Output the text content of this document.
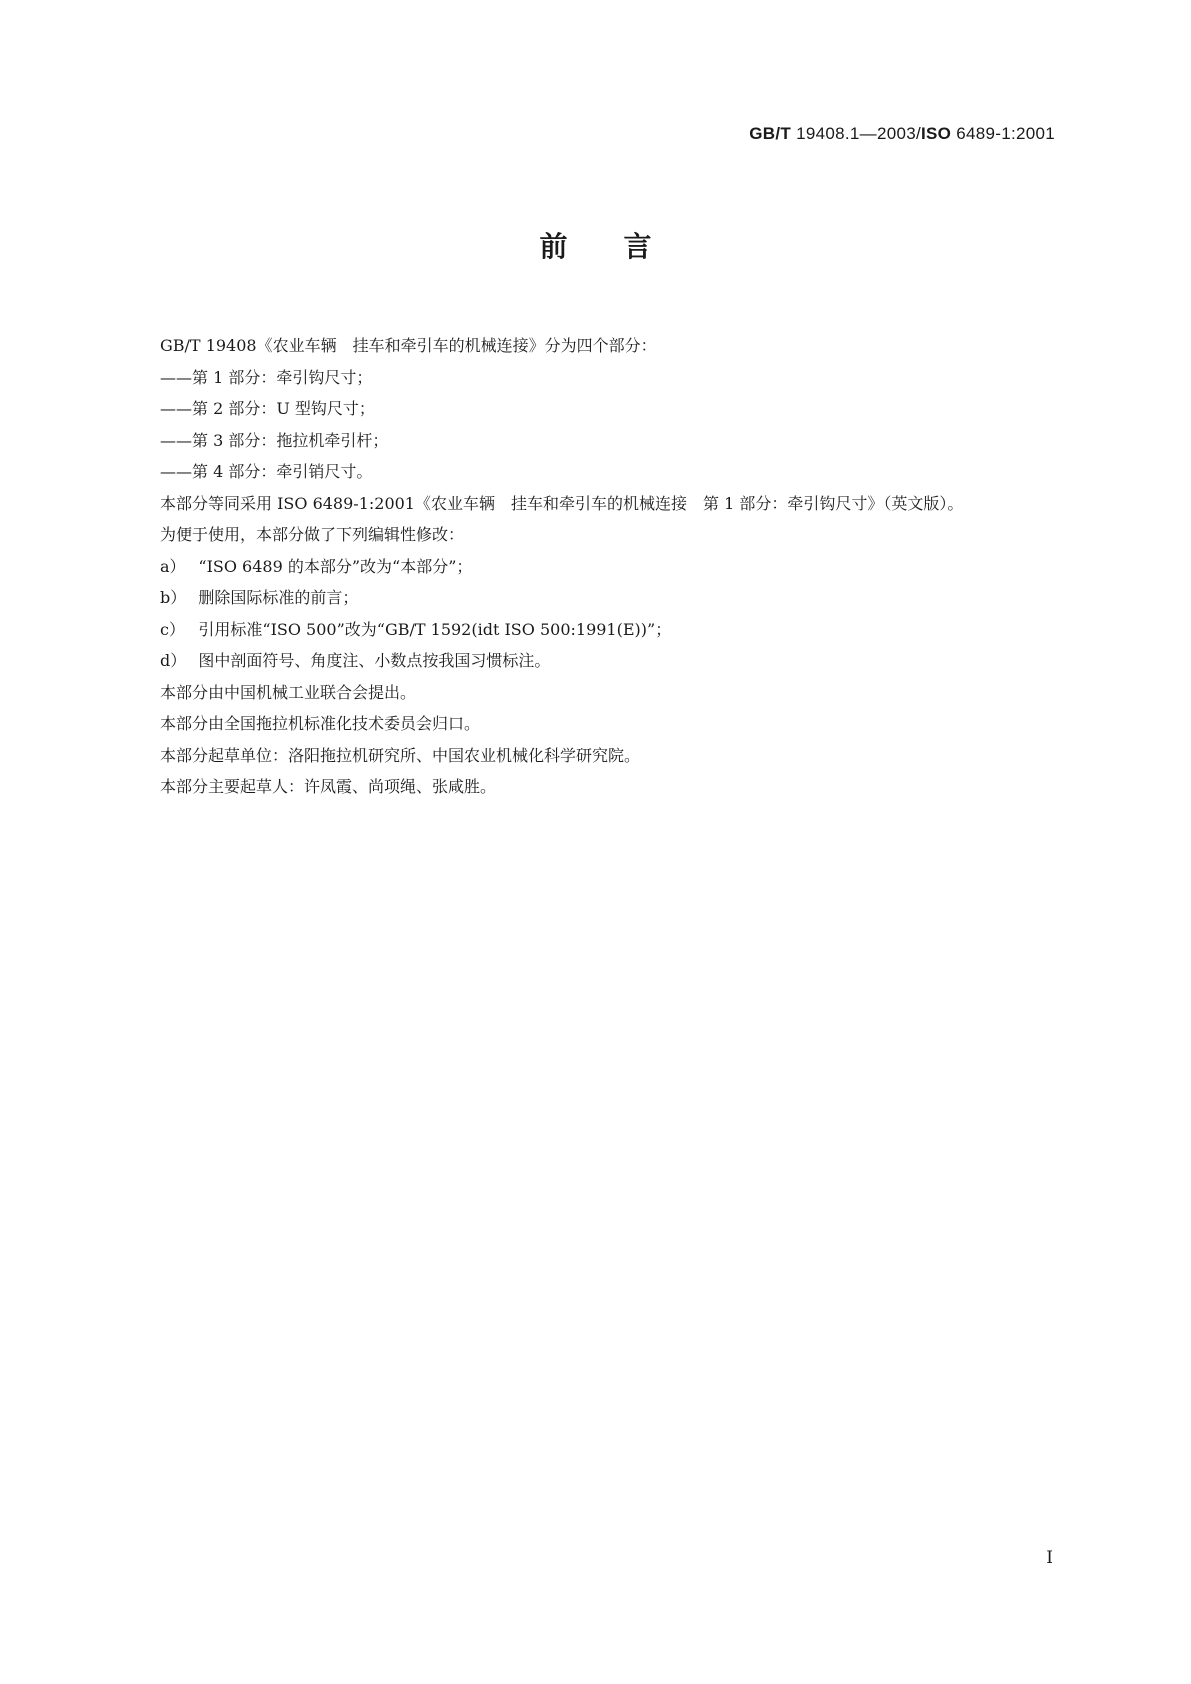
GB/T 19408.1—2003/ISO 6489-1:2001
前言

GB/T 19408《农业车辆　挂车和牵引车的机械连接》分为四个部分：

——第 1 部分：牵引钩尺寸；

——第 2 部分：U 型钩尺寸；

——第 3 部分：拖拉机牵引杆；

——第 4 部分：牵引销尺寸。

本部分等同采用 ISO 6489-1:2001《农业车辆　挂车和牵引车的机械连接　第 1 部分：牵引钩尺寸》（英文版）。

为便于使用，本部分做了下列编辑性修改：

a） “ISO 6489 的本部分”改为“本部分”；

b） 删除国际标准的前言；

c） 引用标准“ISO 500”改为“GB/T 1592(idt ISO 500:1991(E))”；

d） 图中剖面符号、角度注、小数点按我国习惯标注。

本部分由中国机械工业联合会提出。

本部分由全国拖拉机标准化技术委员会归口。

本部分起草单位：洛阳拖拉机研究所、中国农业机械化科学研究院。

本部分主要起草人：许凤霞、尚项绳、张咸胜。

I
